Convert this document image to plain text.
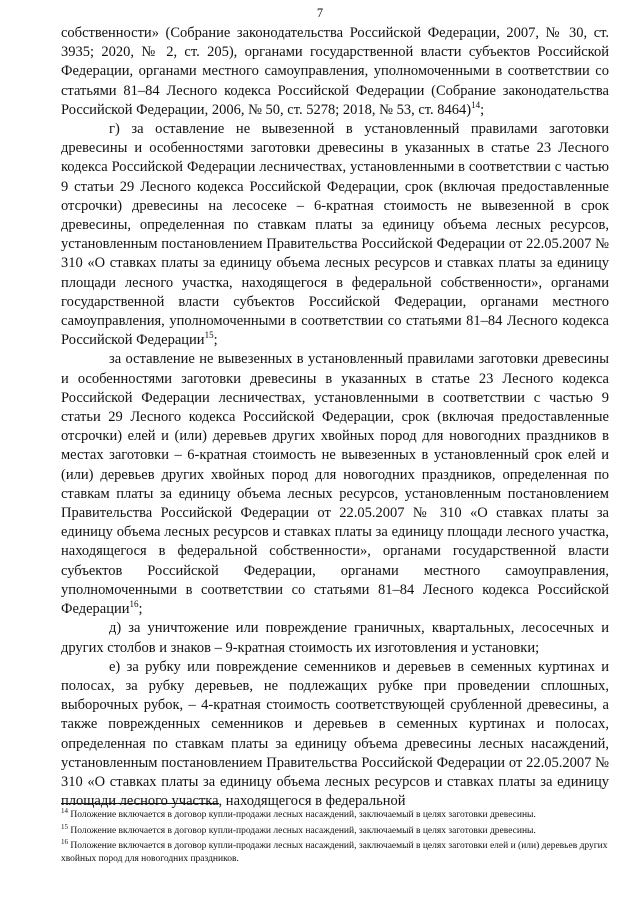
7

собственности» (Собрание законодательства Российской Федерации, 2007, № 30, ст. 3935; 2020, № 2, ст. 205), органами государственной власти субъектов Российской Федерации, органами местного самоуправления, уполномоченными в соответствии со статьями 81–84 Лесного кодекса Российской Федерации (Собрание законодательства Российской Федерации, 2006, № 50, ст. 5278; 2018, № 53, ст. 8464)$^{14}$;

г) за оставление не вывезенной в установленный правилами заготовки древесины и особенностями заготовки древесины в указанных в статье 23 Лесного кодекса Российской Федерации лесничествах, установленными в соответствии с частью 9 статьи 29 Лесного кодекса Российской Федерации, срок (включая предоставленные отсрочки) древесины на лесосеке – 6-кратная стоимость не вывезенной в срок древесины, определенная по ставкам платы за единицу объема лесных ресурсов, установленным постановлением Правительства Российской Федерации от 22.05.2007 № 310 «О ставках платы за единицу объема лесных ресурсов и ставках платы за единицу площади лесного участка, находящегося в федеральной собственности», органами государственной власти субъектов Российской Федерации, органами местного самоуправления, уполномоченными в соответствии со статьями 81–84 Лесного кодекса Российской Федерации$^{15}$;

за оставление не вывезенных в установленный правилами заготовки древесины и особенностями заготовки древесины в указанных в статье 23 Лесного кодекса Российской Федерации лесничествах, установленными в соответствии с частью 9 статьи 29 Лесного кодекса Российской Федерации, срок (включая предоставленные отсрочки) елей и (или) деревьев других хвойных пород для новогодних праздников в местах заготовки – 6-кратная стоимость не вывезенных в установленный срок елей и (или) деревьев других хвойных пород для новогодних праздников, определенная по ставкам платы за единицу объема лесных ресурсов, установленным постановлением Правительства Российской Федерации от 22.05.2007 № 310 «О ставках платы за единицу объема лесных ресурсов и ставках платы за единицу площади лесного участка, находящегося в федеральной собственности», органами государственной власти субъектов Российской Федерации, органами местного самоуправления, уполномоченными в соответствии со статьями 81–84 Лесного кодекса Российской Федерации$^{16}$;

д) за уничтожение или повреждение граничных, квартальных, лесосечных и других столбов и знаков – 9-кратная стоимость их изготовления и установки;

е) за рубку или повреждение семенников и деревьев в семенных куртинах и полосах, за рубку деревьев, не подлежащих рубке при проведении сплошных, выборочных рубок, – 4-кратная стоимость соответствующей срубленной древесины, а также поврежденных семенников и деревьев в семенных куртинах и полосах, определенная по ставкам платы за единицу объема древесины лесных насаждений, установленным постановлением Правительства Российской Федерации от 22.05.2007 № 310 «О ставках платы за единицу объема лесных ресурсов и ставках платы за единицу площади лесного участка, находящегося в федеральной

$^{14}$ Положение включается в договор купли-продажи лесных насаждений, заключаемый в целях заготовки древесины.

$^{15}$ Положение включается в договор купли-продажи лесных насаждений, заключаемый в целях заготовки древесины.

$^{16}$ Положение включается в договор купли-продажи лесных насаждений, заключаемый в целях заготовки елей и (или) деревьев других хвойных пород для новогодних праздников.
